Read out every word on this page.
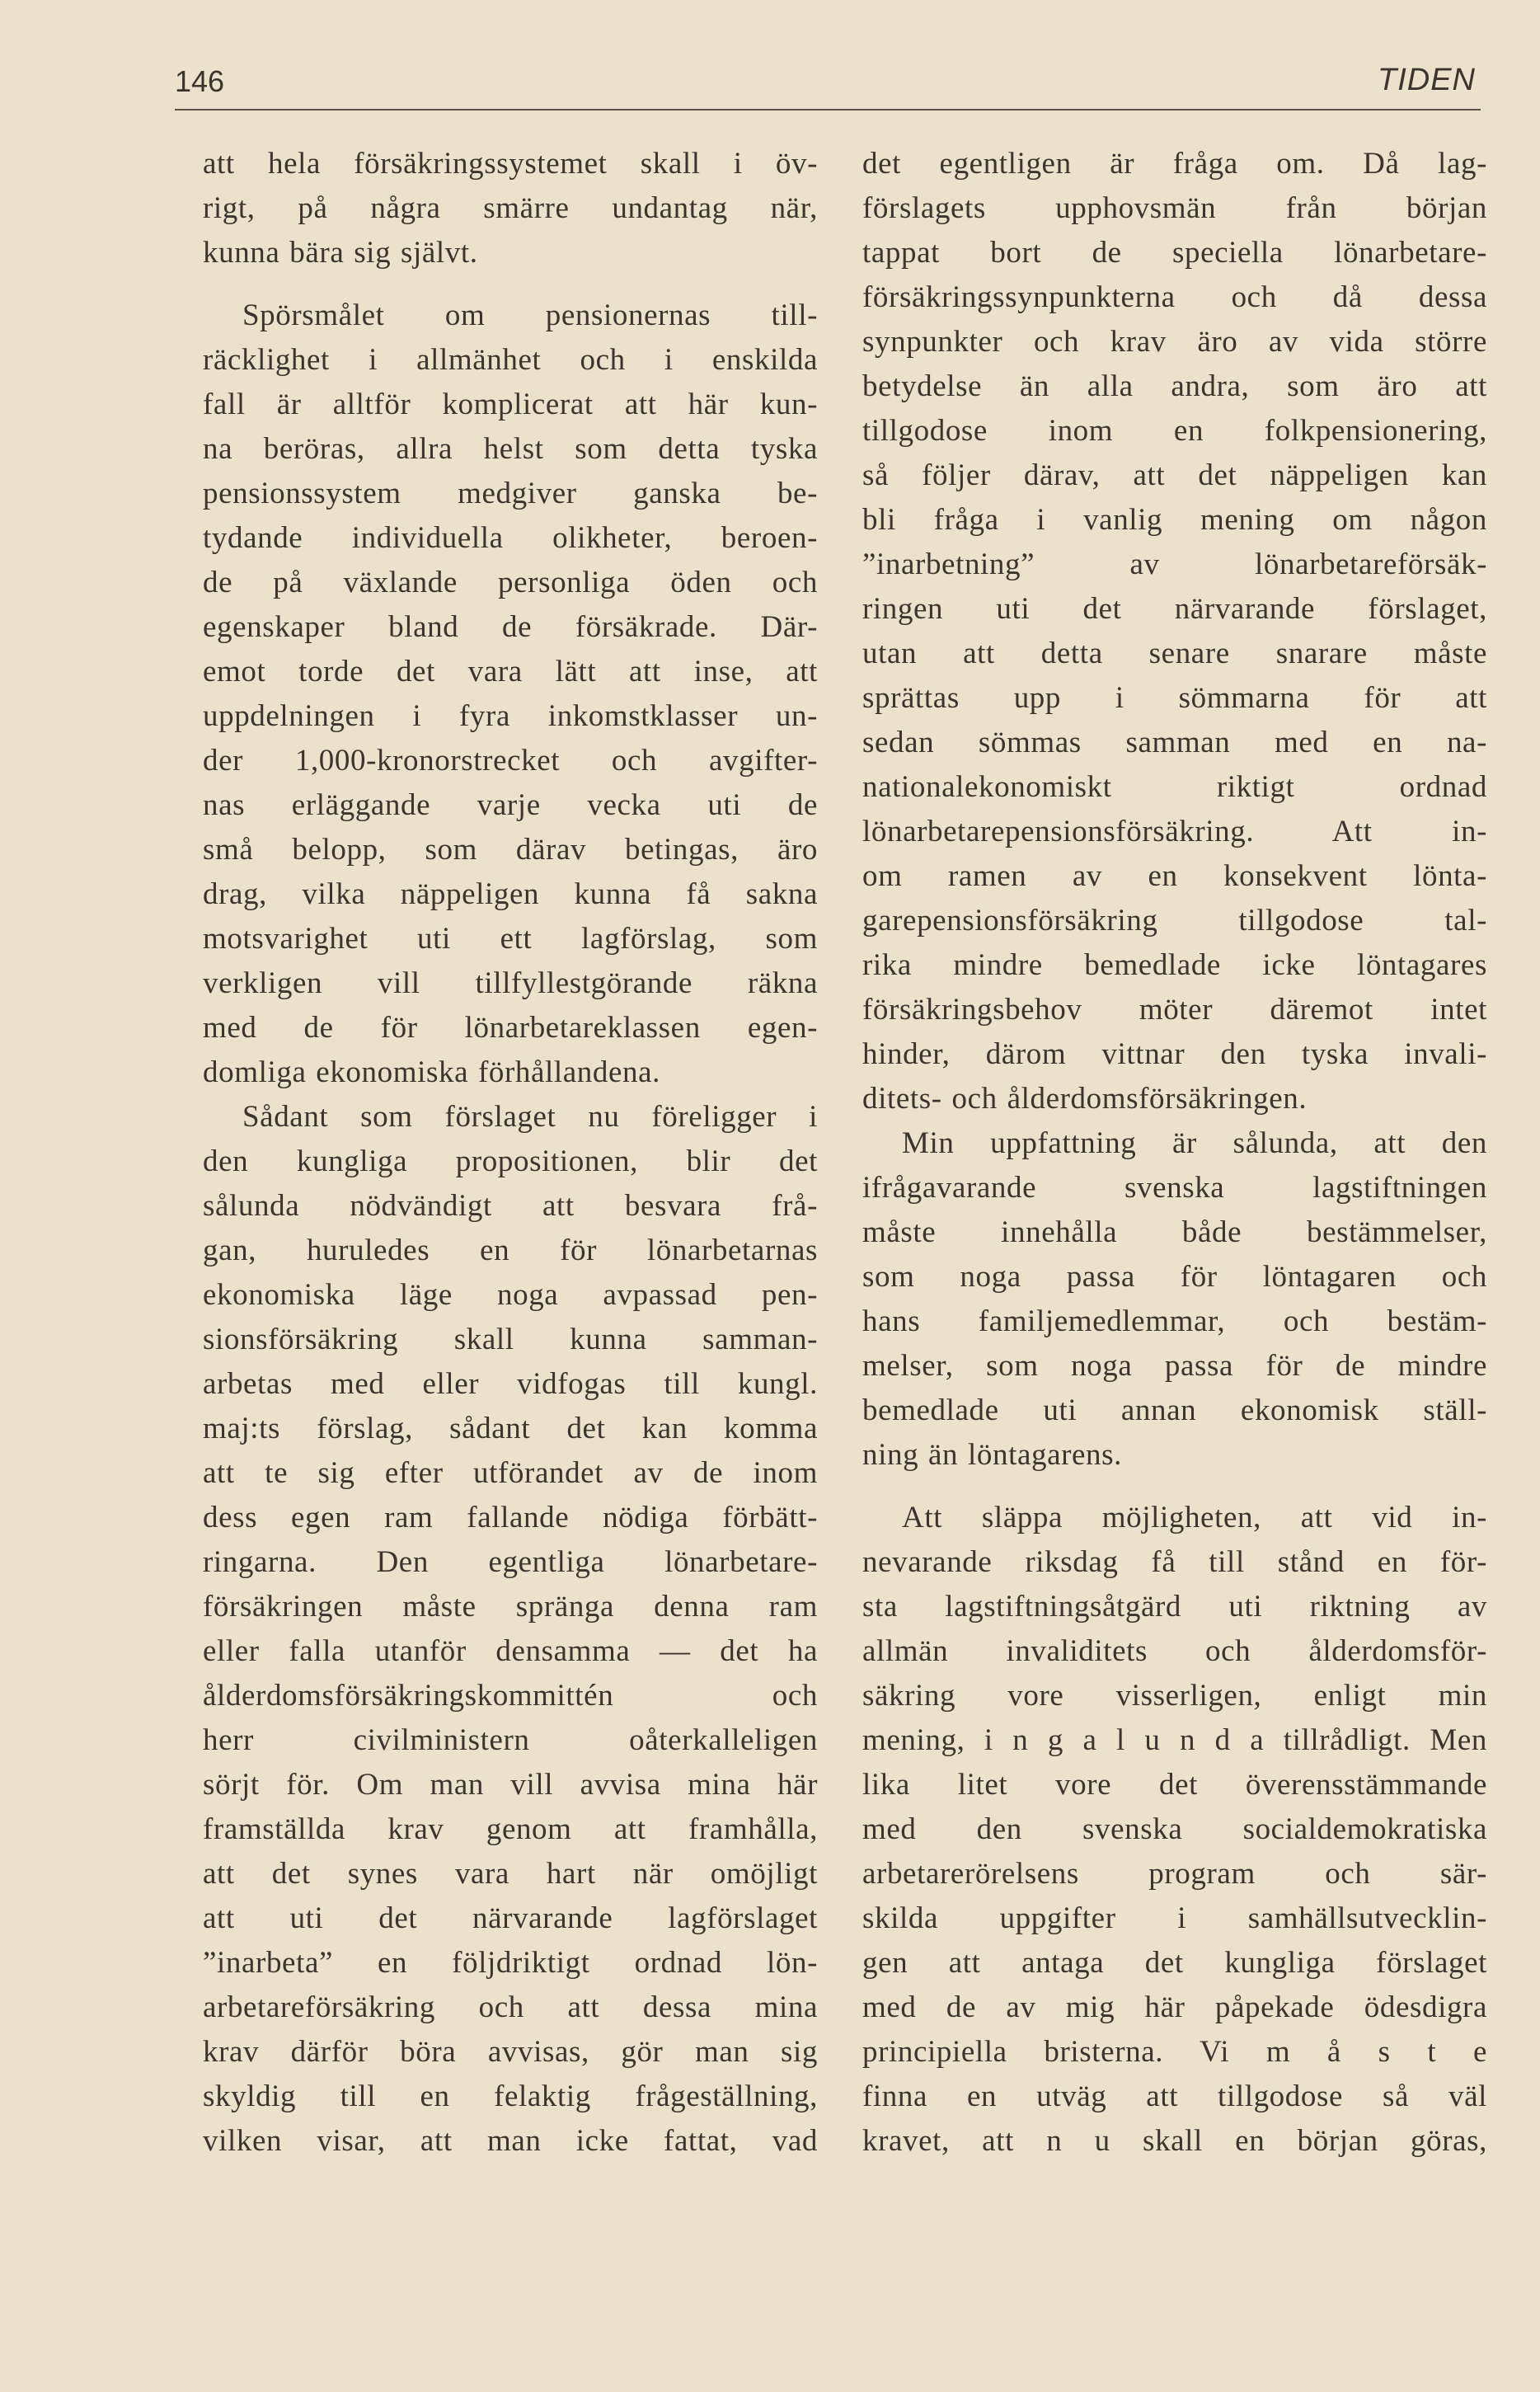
146	TIDEN
att hela försäkringssystemet skall i öv-
rigt, på några smärre undantag när,
kunna bära sig självt.
Spörsmålet om pensionernas till-
räcklighet i allmänhet och i enskilda
fall är alltför komplicerat att här kun-
na beröras, allra helst som detta tyska
pensionssystem medgiver ganska be-
tydande individuella olikheter, beroen-
de på växlande personliga öden och
egenskaper bland de försäkrade. Där-
emot torde det vara lätt att inse, att
uppdelningen i fyra inkomstklasser un-
der 1,000-kronorstrecket och avgifter-
nas erläggande varje vecka uti de
små belopp, som därav betingas, äro
drag, vilka näppeligen kunna få sakna
motsvarighet uti ett lagförslag, som
verkligen vill tillfyllestgörande räkna
med de för lönarbetareklassen egen-
domliga ekonomiska förhållandena.
Sådant som förslaget nu föreligger i
den kungliga propositionen, blir det
sålunda nödvändigt att besvara frå-
gan, huruledes en för lönarbetarnas
ekonomiska läge noga avpassad pen-
sionsförsäkring skall kunna samman-
arbetas med eller vidfogas till kungl.
maj:ts förslag, sådant det kan komma
att te sig efter utförandet av de inom
dess egen ram fallande nödiga förbätt-
ringarna. Den egentliga lönarbetare-
försäkringen måste spränga denna ram
eller falla utanför densamma — det ha
ålderdomsförsäkringskommittén och
herr civilministern oåterkalleligen
sörjt för. Om man vill avvisa mina här
framställda krav genom att framhålla,
att det synes vara hart när omöjligt
att uti det närvarande lagförslaget
”inarbeta” en följdriktigt ordnad lön-
arbetareförsäkring och att dessa mina
krav därför böra avvisas, gör man sig
skyldig till en felaktig frågeställning,
vilken visar, att man icke fattat, vad
det egentligen är fråga om. Då lag-
förslagets upphovsmän från början
tappat bort de speciella lönarbetare-
försäkringssynpunkterna och då dessa
synpunkter och krav äro av vida större
betydelse än alla andra, som äro att
tillgodose inom en folkpensionering,
så följer därav, att det näppeligen kan
bli fråga i vanlig mening om någon
”inarbetning” av lönarbetareförsäk-
ringen uti det närvarande förslaget,
utan att detta senare snarare måste
sprättas upp i sömmarna för att
sedan sömmas samman med en na-
nationalekonomiskt riktigt ordnad
lönarbetarepensionsförsäkring. Att in-
om ramen av en konsekvent lönta-
garepensionsförsäkring tillgodose tal-
rika mindre bemedlade icke löntagares
försäkringsbehov möter däremot intet
hinder, därom vittnar den tyska invali-
ditets- och ålderdomsförsäkringen.
Min uppfattning är sålunda, att den
ifrågavarande svenska lagstiftningen
måste innehålla både bestämmelser,
som noga passa för löntagaren och
hans familjemedlemmar, och bestäm-
melser, som noga passa för de mindre
bemedlade uti annan ekonomisk ställ-
ning än löntagarens.
Att släppa möjligheten, att vid in-
nevarande riksdag få till stånd en för-
sta lagstiftningsåtgärd uti riktning av
allmän invaliditets och ålderdomsför-
säkring vore visserligen, enligt min
mening, i n g a l u n d a tillrådligt. Men
lika litet vore det överensstämmande
med den svenska socialdemokratiska
arbetarerörelsens program och sär-
skilda uppgifter i samhällsutvecklin-
gen att antaga det kungliga förslaget
med de av mig här påpekade ödesdigra
principiella bristerna. Vi m å s t e
finna en utväg att tillgodose så väl
kravet, att n u skall en början göras,
